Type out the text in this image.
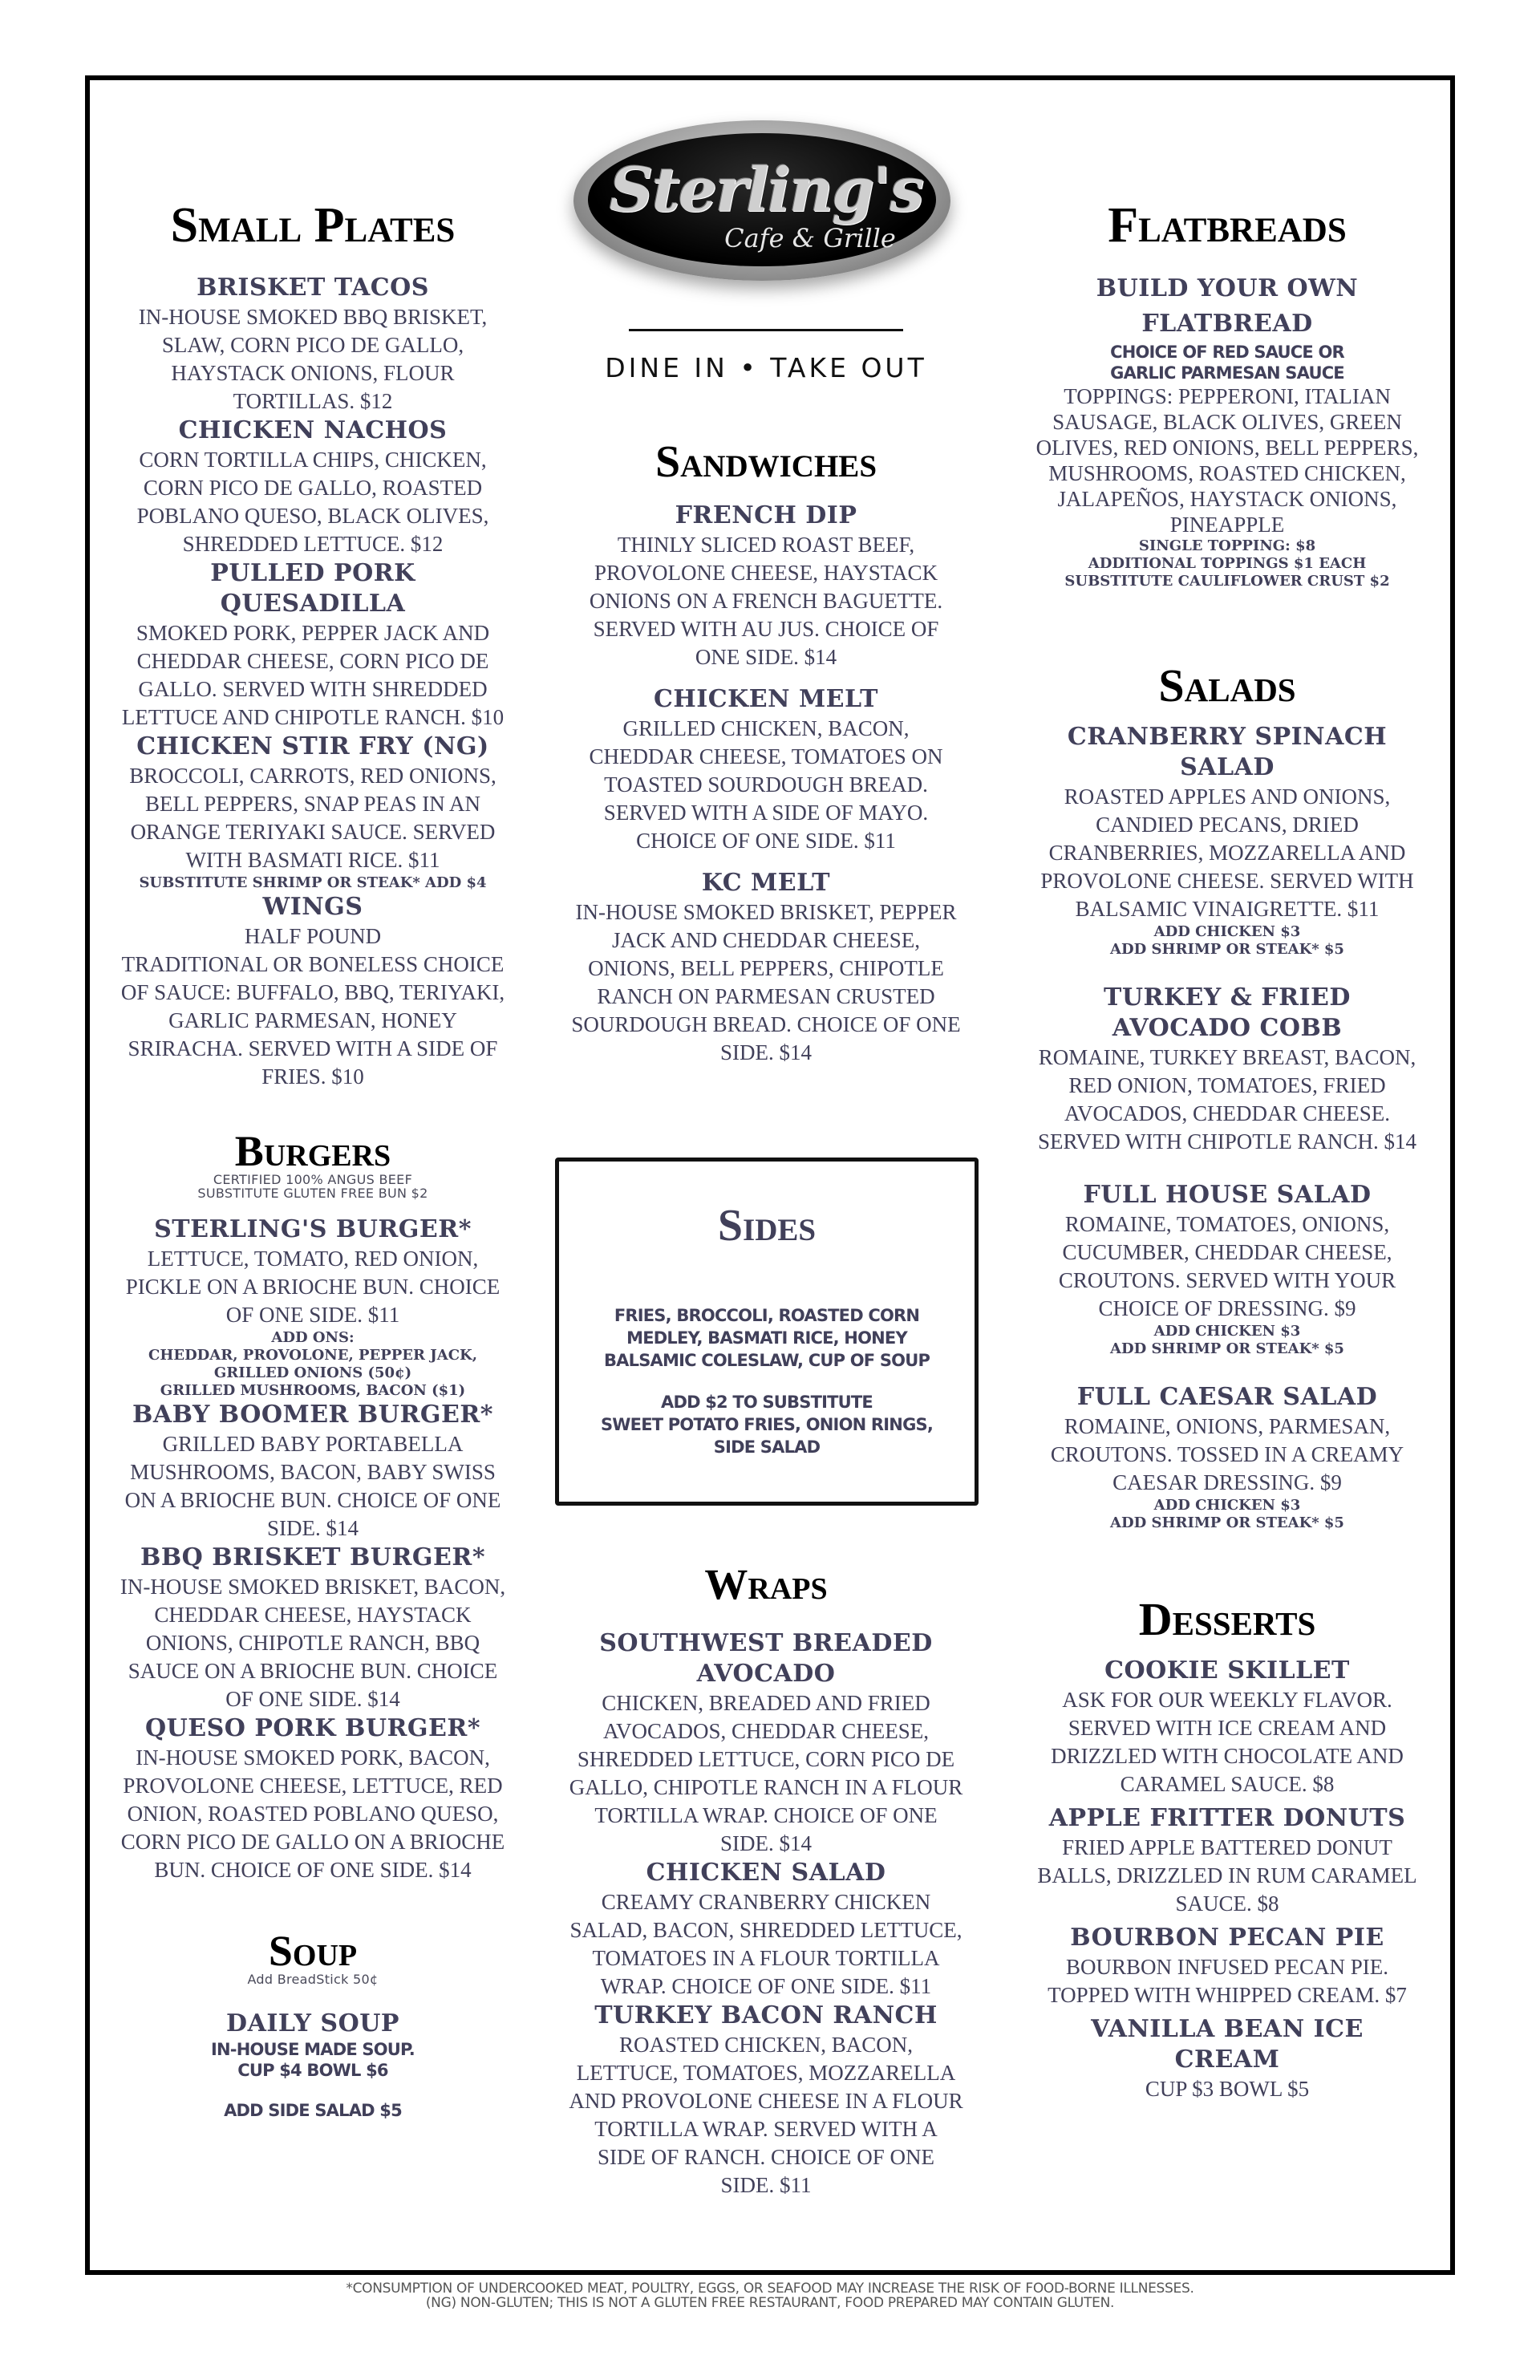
Small Plates
BRISKET TACOS
IN-HOUSE SMOKED BBQ BRISKET, SLAW, CORN PICO DE GALLO, HAYSTACK ONIONS, FLOUR TORTILLAS. $12
CHICKEN NACHOS
CORN TORTILLA CHIPS, CHICKEN, CORN PICO DE GALLO, ROASTED POBLANO QUESO, BLACK OLIVES, SHREDDED LETTUCE. $12
PULLED PORK QUESADILLA
SMOKED PORK, PEPPER JACK AND CHEDDAR CHEESE, CORN PICO DE GALLO. SERVED WITH SHREDDED LETTUCE AND CHIPOTLE RANCH. $10
CHICKEN STIR FRY (NG)
BROCCOLI, CARROTS, RED ONIONS, BELL PEPPERS, SNAP PEAS IN AN ORANGE TERIYAKI SAUCE. SERVED WITH BASMATI RICE. $11
SUBSTITUTE SHRIMP OR STEAK* ADD $4
WINGS
HALF POUND
TRADITIONAL OR BONELESS CHOICE OF SAUCE: BUFFALO, BBQ, TERIYAKI, GARLIC PARMESAN, HONEY SRIRACHA. SERVED WITH A SIDE OF FRIES. $10
Burgers
CERTIFIED 100% ANGUS BEEF
SUBSTITUTE GLUTEN FREE BUN $2
STERLING'S BURGER*
LETTUCE, TOMATO, RED ONION, PICKLE ON A BRIOCHE BUN. CHOICE OF ONE SIDE. $11
ADD ONS:
CHEDDAR, PROVOLONE, PEPPER JACK,
GRILLED ONIONS (50¢)
GRILLED MUSHROOMS, BACON ($1)
BABY BOOMER BURGER*
GRILLED BABY PORTABELLA MUSHROOMS, BACON, BABY SWISS ON A BRIOCHE BUN. CHOICE OF ONE SIDE. $14
BBQ BRISKET BURGER*
IN-HOUSE SMOKED BRISKET, BACON, CHEDDAR CHEESE, HAYSTACK ONIONS, CHIPOTLE RANCH, BBQ SAUCE ON A BRIOCHE BUN. CHOICE OF ONE SIDE. $14
QUESO PORK BURGER*
IN-HOUSE SMOKED PORK, BACON, PROVOLONE CHEESE, LETTUCE, RED ONION, ROASTED POBLANO QUESO, CORN PICO DE GALLO ON A BRIOCHE BUN. CHOICE OF ONE SIDE. $14
Soup
Add BreadStick 50¢
DAILY SOUP
IN-HOUSE MADE SOUP.
CUP $4 BOWL $6
ADD SIDE SALAD $5
Sterling's
Cafe & Grille
DINE IN • TAKE OUT
Sandwiches
FRENCH DIP
THINLY SLICED ROAST BEEF, PROVOLONE CHEESE, HAYSTACK ONIONS ON A FRENCH BAGUETTE. SERVED WITH AU JUS. CHOICE OF ONE SIDE. $14
CHICKEN MELT
GRILLED CHICKEN, BACON, CHEDDAR CHEESE, TOMATOES ON TOASTED SOURDOUGH BREAD. SERVED WITH A SIDE OF MAYO. CHOICE OF ONE SIDE. $11
KC MELT
IN-HOUSE SMOKED BRISKET, PEPPER JACK AND CHEDDAR CHEESE, ONIONS, BELL PEPPERS, CHIPOTLE RANCH ON PARMESAN CRUSTED SOURDOUGH BREAD. CHOICE OF ONE SIDE. $14
Sides
FRIES, BROCCOLI, ROASTED CORN MEDLEY, BASMATI RICE, HONEY BALSAMIC COLESLAW, CUP OF SOUP
ADD $2 TO SUBSTITUTE
SWEET POTATO FRIES, ONION RINGS, SIDE SALAD
Wraps
SOUTHWEST BREADED AVOCADO
CHICKEN, BREADED AND FRIED AVOCADOS, CHEDDAR CHEESE, SHREDDED LETTUCE, CORN PICO DE GALLO, CHIPOTLE RANCH IN A FLOUR TORTILLA WRAP. CHOICE OF ONE SIDE. $14
CHICKEN SALAD
CREAMY CRANBERRY CHICKEN SALAD, BACON, SHREDDED LETTUCE, TOMATOES IN A FLOUR TORTILLA WRAP. CHOICE OF ONE SIDE. $11
TURKEY BACON RANCH
ROASTED CHICKEN, BACON, LETTUCE, TOMATOES, MOZZARELLA AND PROVOLONE CHEESE IN A FLOUR TORTILLA WRAP. SERVED WITH A SIDE OF RANCH. CHOICE OF ONE SIDE. $11
Flatbreads
BUILD YOUR OWN FLATBREAD
CHOICE OF RED SAUCE OR GARLIC PARMESAN SAUCE
TOPPINGS: PEPPERONI, ITALIAN SAUSAGE, BLACK OLIVES, GREEN OLIVES, RED ONIONS, BELL PEPPERS, MUSHROOMS, ROASTED CHICKEN, JALAPEÑOS, HAYSTACK ONIONS, PINEAPPLE
SINGLE TOPPING: $8
ADDITIONAL TOPPINGS $1 EACH
SUBSTITUTE CAULIFLOWER CRUST $2
Salads
CRANBERRY SPINACH SALAD
ROASTED APPLES AND ONIONS, CANDIED PECANS, DRIED CRANBERRIES, MOZZARELLA AND PROVOLONE CHEESE. SERVED WITH BALSAMIC VINAIGRETTE. $11
ADD CHICKEN $3
ADD SHRIMP OR STEAK* $5
TURKEY & FRIED AVOCADO COBB
ROMAINE, TURKEY BREAST, BACON, RED ONION, TOMATOES, FRIED AVOCADOS, CHEDDAR CHEESE. SERVED WITH CHIPOTLE RANCH. $14
FULL HOUSE SALAD
ROMAINE, TOMATOES, ONIONS, CUCUMBER, CHEDDAR CHEESE, CROUTONS. SERVED WITH YOUR CHOICE OF DRESSING. $9
ADD CHICKEN $3
ADD SHRIMP OR STEAK* $5
FULL CAESAR SALAD
ROMAINE, ONIONS, PARMESAN, CROUTONS. TOSSED IN A CREAMY CAESAR DRESSING. $9
ADD CHICKEN $3
ADD SHRIMP OR STEAK* $5
Desserts
COOKIE SKILLET
ASK FOR OUR WEEKLY FLAVOR. SERVED WITH ICE CREAM AND DRIZZLED WITH CHOCOLATE AND CARAMEL SAUCE. $8
APPLE FRITTER DONUTS
FRIED APPLE BATTERED DONUT BALLS, DRIZZLED IN RUM CARAMEL SAUCE. $8
BOURBON PECAN PIE
BOURBON INFUSED PECAN PIE. TOPPED WITH WHIPPED CREAM. $7
VANILLA BEAN ICE CREAM
CUP $3 BOWL $5
*CONSUMPTION OF UNDERCOOKED MEAT, POULTRY, EGGS, OR SEAFOOD MAY INCREASE THE RISK OF FOOD-BORNE ILLNESSES.
(NG) NON-GLUTEN; THIS IS NOT A GLUTEN FREE RESTAURANT, FOOD PREPARED MAY CONTAIN GLUTEN.
